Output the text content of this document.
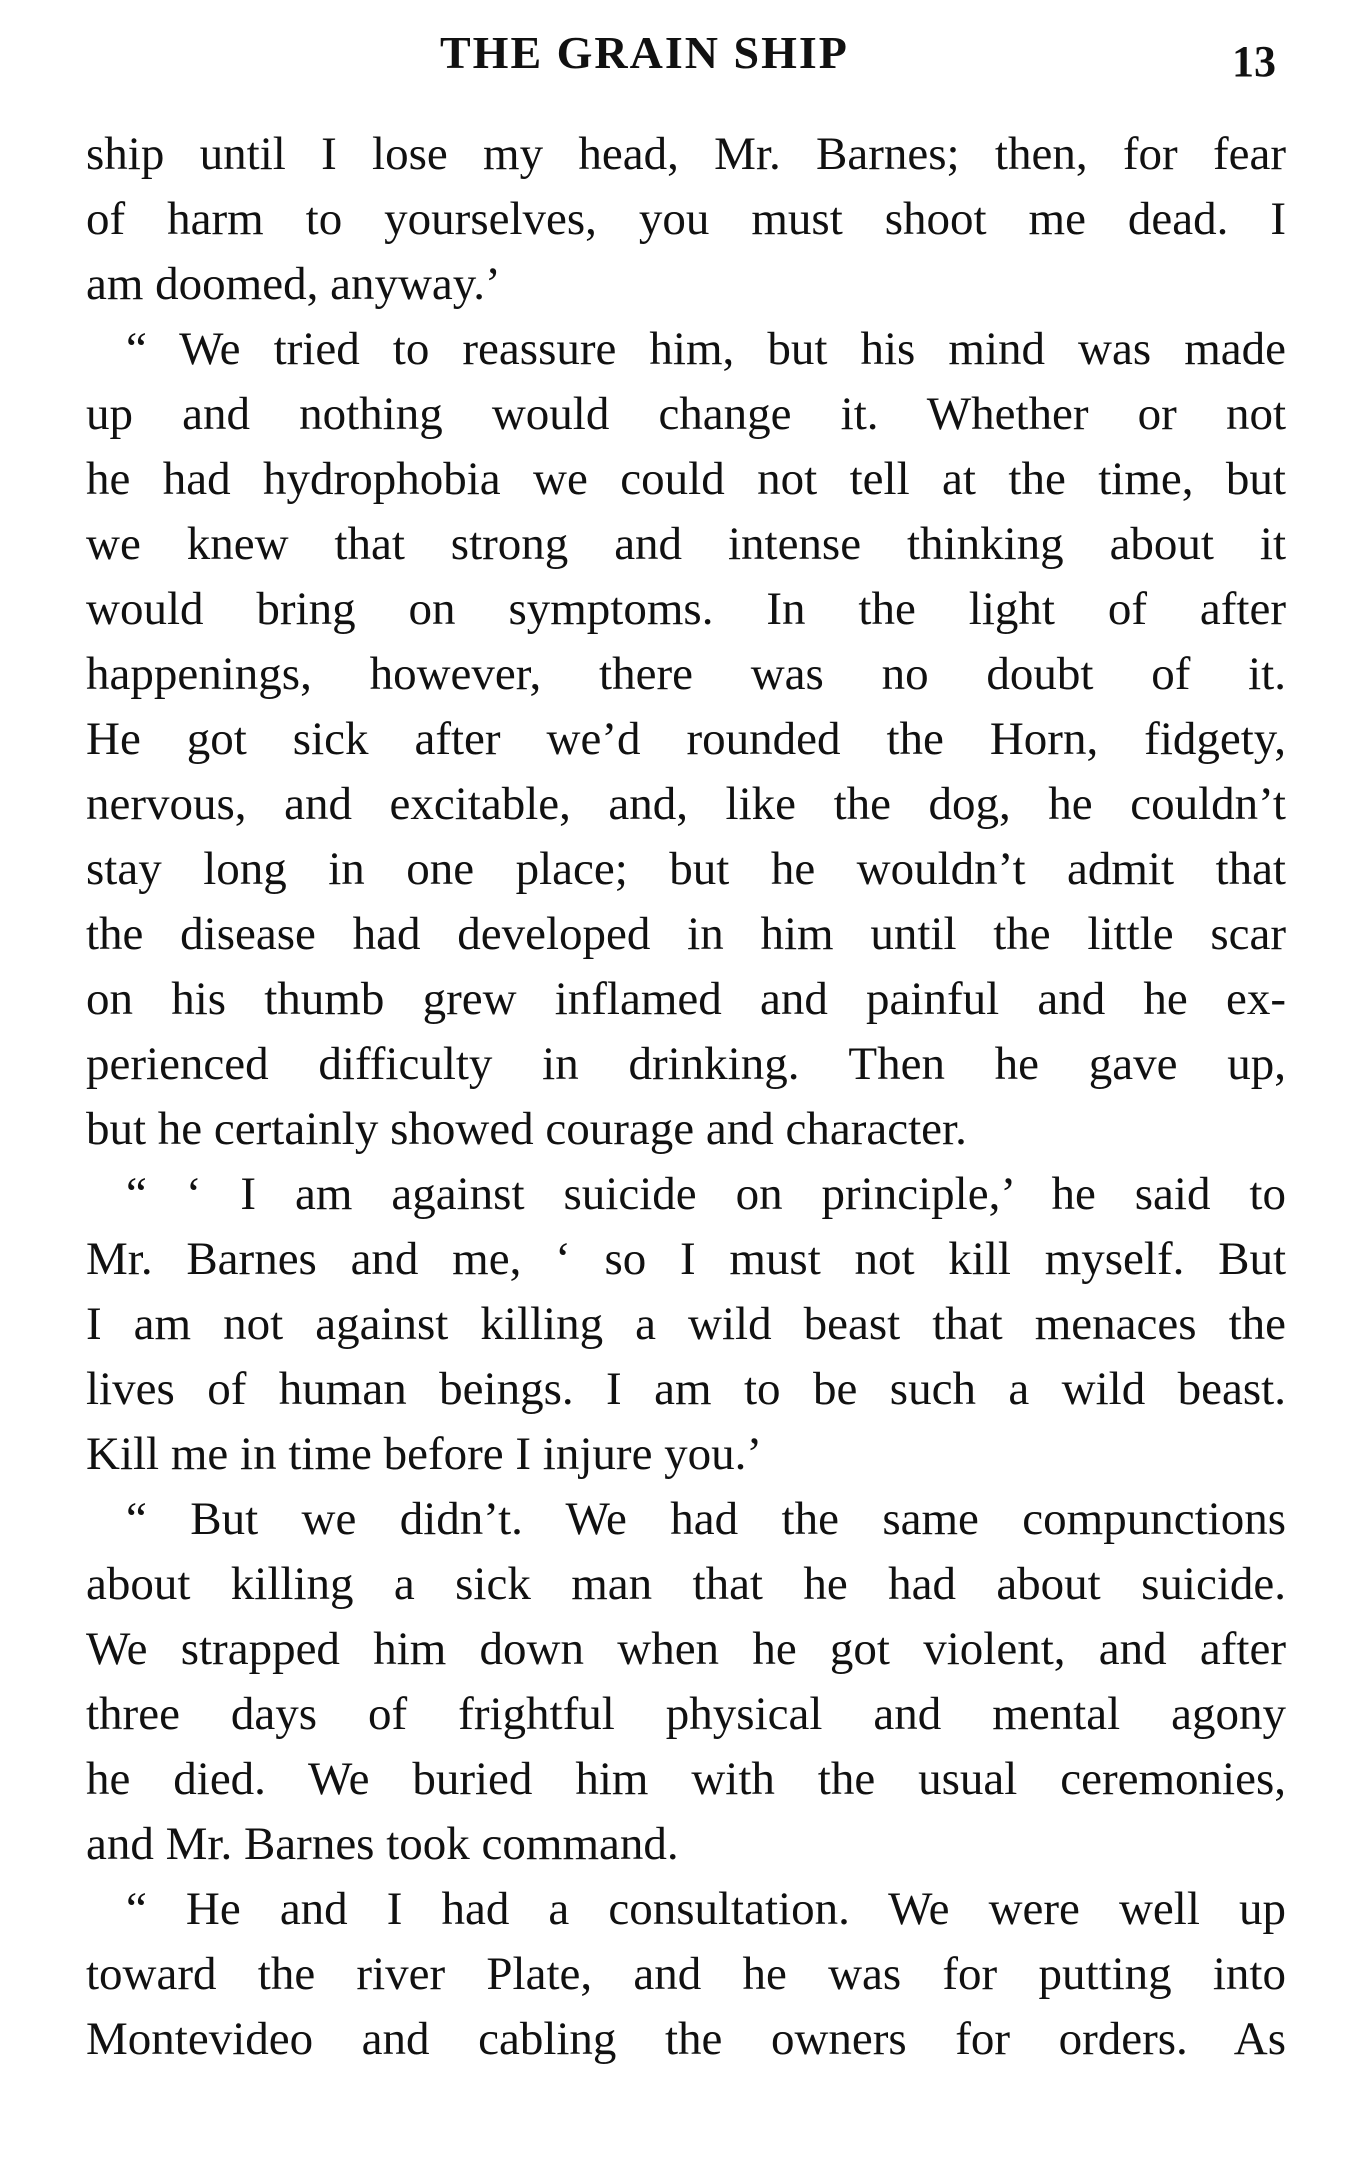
THE GRAIN SHIP	13
ship until I lose my head, Mr. Barnes; then, for fear
of harm to yourselves, you must shoot me dead. I
am doomed, anyway.’
“ We tried to reassure him, but his mind was made
up and nothing would change it. Whether or not
he had hydrophobia we could not tell at the time, but
we knew that strong and intense thinking about it
would bring on symptoms. In the light of after
happenings, however, there was no doubt of it.
He got sick after we’d rounded the Horn, fidgety,
nervous, and excitable, and, like the dog, he couldn’t
stay long in one place; but he wouldn’t admit that
the disease had developed in him until the little scar
on his thumb grew inflamed and painful and he ex-
perienced difficulty in drinking. Then he gave up,
but he certainly showed courage and character.
“ ‘ I am against suicide on principle,’ he said to
Mr. Barnes and me, ‘ so I must not kill myself. But
I am not against killing a wild beast that menaces the
lives of human beings. I am to be such a wild beast.
Kill me in time before I injure you.’
“ But we didn’t. We had the same compunctions
about killing a sick man that he had about suicide.
We strapped him down when he got violent, and after
three days of frightful physical and mental agony
he died. We buried him with the usual ceremonies,
and Mr. Barnes took command.
“ He and I had a consultation. We were well up
toward the river Plate, and he was for putting into
Montevideo and cabling the owners for orders. As
